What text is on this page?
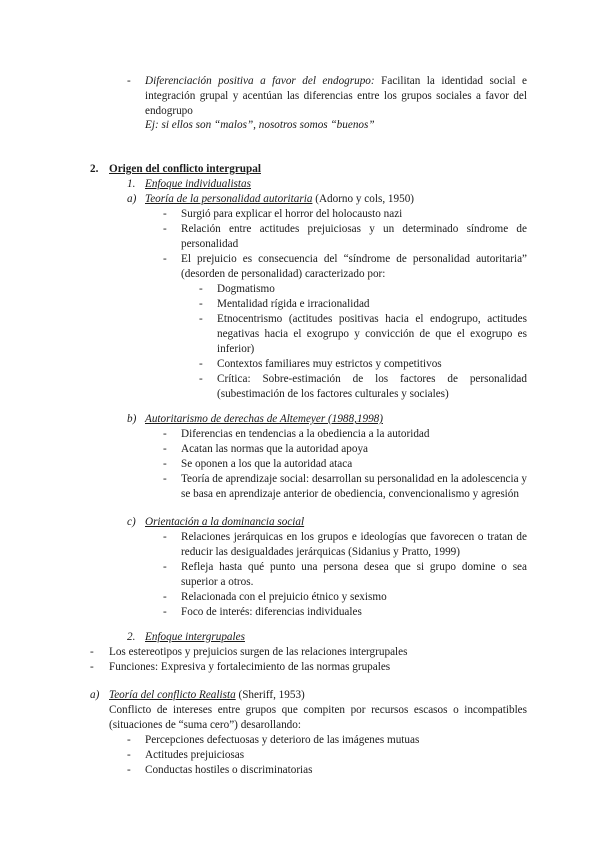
- Diferenciación positiva a favor del endogrupo: Facilitan la identidad social e integración grupal y acentúan las diferencias entre los grupos sociales a favor del endogrupo
Ej: si ellos son “malos”, nosotros somos “buenos”
2. Origen del conflicto intergrupal
1. Enfoque individualistas
a) Teoría de la personalidad autoritaria (Adorno y cols, 1950)
- Surgió para explicar el horror del holocausto nazi
- Relación entre actitudes prejuiciosas y un determinado síndrome de personalidad
- El prejuicio es consecuencia del “síndrome de personalidad autoritaria” (desorden de personalidad) caracterizado por:
- Dogmatismo
- Mentalidad rígida e irracionalidad
- Etnocentrismo (actitudes positivas hacia el endogrupo, actitudes negativas hacia el exogrupo y convicción de que el exogrupo es inferior)
- Contextos familiares muy estrictos y competitivos
- Crítica: Sobre-estimación de los factores de personalidad (subestimación de los factores culturales y sociales)
b) Autoritarismo de derechas de Altemeyer (1988,1998)
- Diferencias en tendencias a la obediencia a la autoridad
- Acatan las normas que la autoridad apoya
- Se oponen a los que la autoridad ataca
- Teoría de aprendizaje social: desarrollan su personalidad en la adolescencia y se basa en aprendizaje anterior de obediencia, convencionalismo y agresión
c) Orientación a la dominancia social
- Relaciones jerárquicas en los grupos e ideologías que favorecen o tratan de reducir las desigualdades jerárquicas (Sidanius y Pratto, 1999)
- Refleja hasta qué punto una persona desea que si grupo domine o sea superior a otros.
- Relacionada con el prejuicio étnico y sexismo
- Foco de interés: diferencias individuales
2. Enfoque intergrupales
- Los estereotipos y prejuicios surgen de las relaciones intergrupales
- Funciones: Expresiva y fortalecimiento de las normas grupales
a) Teoría del conflicto Realista (Sheriff, 1953)
Conflicto de intereses entre grupos que compiten por recursos escasos o incompatibles (situaciones de “suma cero”) desarollando:
- Percepciones defectuosas y deterioro de las imágenes mutuas
- Actitudes prejuiciosas
- Conductas hostiles o discriminatorias
